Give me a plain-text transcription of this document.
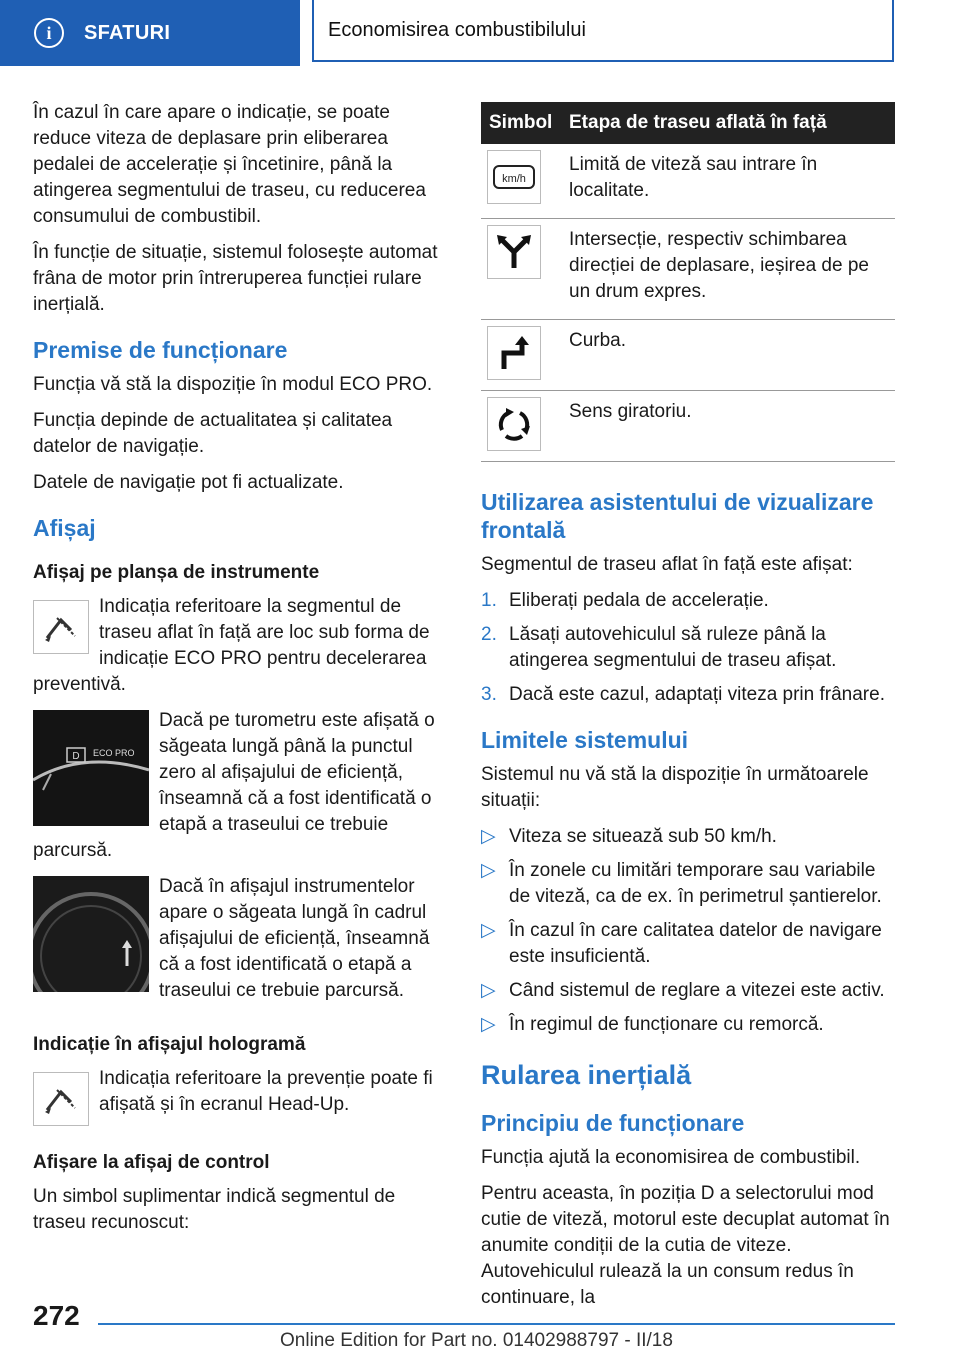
i	SFATURI	Economisirea combustibilului

În cazul în care apare o indicație, se poate reduce viteza de deplasare prin eliberarea pedalei de accelerație și încetinire, până la atingerea segmentului de traseu, cu reducerea consumului de combustibil.

În funcție de situație, sistemul folosește automat frâna de motor prin întreruperea funcției rulare inerțială.

Premise de funcționare

Funcția vă stă la dispoziție în modul ECO PRO.

Funcția depinde de actualitatea și calitatea datelor de navigație.

Datele de navigație pot fi actualizate.

Afișaj
Afișaj pe planșa de instrumente

Indicația referitoare la segmentul de traseu aflat în față are loc sub forma de indicație ECO PRO pentru decelerarea preventivă.

D ECO PRO

Dacă pe turometru este afișată o săgeata lungă până la punctul zero al afișajului de eficiență, înseamnă că a fost identificată o etapă a traseului ce trebuie parcursă.

Dacă în afișajul instrumentelor apare o săgeata lungă în cadrul afișajului de eficiență, înseamnă că a fost identificată o etapă a traseului ce trebuie parcursă.

Indicație în afișajul hologramă

Indicația referitoare la prevenție poate fi afișată și în ecranul Head-Up.

Afișare la afișaj de control

Un simbol suplimentar indică segmentul de traseu recunoscut:

Simbol	Etapa de traseu aflată în față

km/h	Limită de viteză sau intrare în localitate.

	Intersecție, respectiv schimbarea direcției de deplasare, ieșirea de pe un drum expres.

	Curba.

	Sens giratoriu.
Utilizarea asistentului de vizualizare frontală

Segmentul de traseu aflat în față este afișat:

1. Eliberați pedala de accelerație.
2. Lăsați autovehiculul să ruleze până la atingerea segmentului de traseu afișat.
3. Dacă este cazul, adaptați viteza prin frânare.
Limitele sistemului

Sistemul nu vă stă la dispoziție în următoarele situații:

▷ Viteza se situează sub 50 km/h.
▷ În zonele cu limitări temporare sau variabile de viteză, ca de ex. în perimetrul șantierelor.
▷ În cazul în care calitatea datelor de navigare este insuficientă.
▷ Când sistemul de reglare a vitezei este activ.
▷ În regimul de funcționare cu remorcă.
Rularea inerțială
Principiu de funcționare

Funcția ajută la economisirea de combustibil.

Pentru aceasta, în poziția D a selectorului mod cutie de viteză, motorul este decuplat automat în anumite condiții de la cutia de viteze. Autovehiculul rulează la un consum redus în continuare, la

272
Online Edition for Part no. 01402988797 - II/18
